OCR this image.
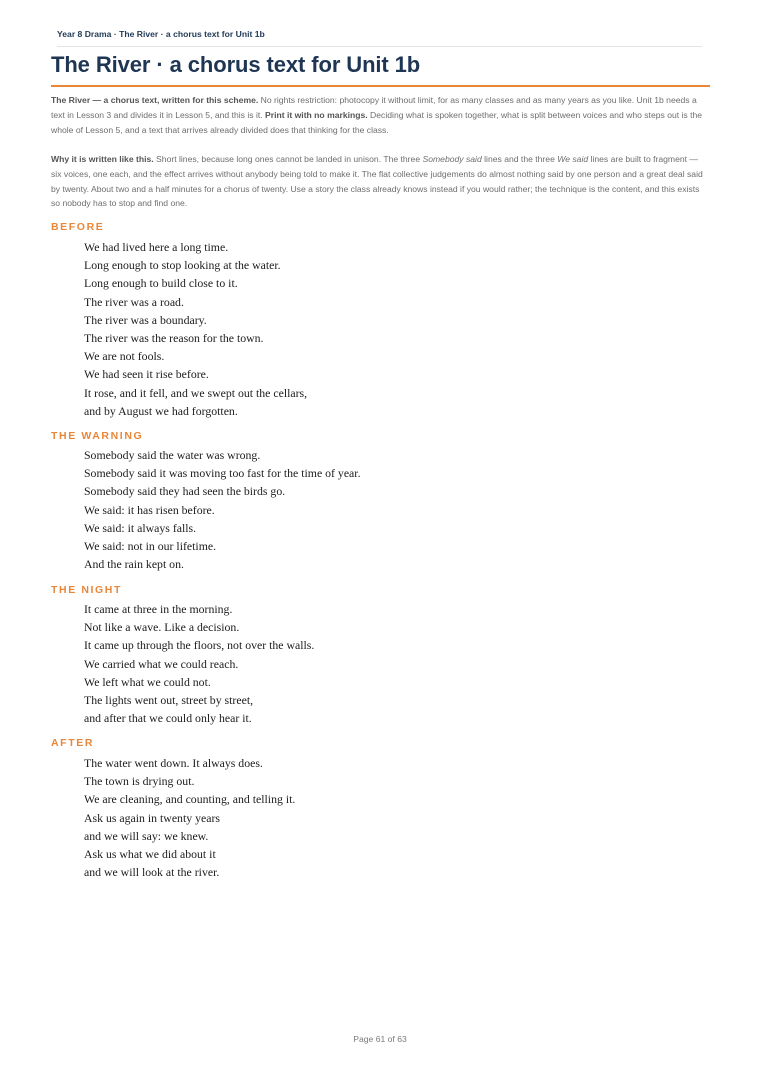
Year 8 Drama · The River · a chorus text for Unit 1b
The River · a chorus text for Unit 1b

The River — a chorus text, written for this scheme. No rights restriction: photocopy it without limit, for as many classes and as many years as you like. Unit 1b needs a text in Lesson 3 and divides it in Lesson 5, and this is it. Print it with no markings. Deciding what is spoken together, what is split between voices and who steps out is the whole of Lesson 5, and a text that arrives already divided does that thinking for the class.

Why it is written like this. Short lines, because long ones cannot be landed in unison. The three Somebody said lines and the three We said lines are built to fragment — six voices, one each, and the effect arrives without anybody being told to make it. The flat collective judgements do almost nothing said by one person and a great deal said by twenty. About two and a half minutes for a chorus of twenty. Use a story the class already knows instead if you would rather; the technique is the content, and this exists so nobody has to stop and find one.

BEFORE
We had lived here a long time.
Long enough to stop looking at the water.
Long enough to build close to it.
The river was a road.
The river was a boundary.
The river was the reason for the town.
We are not fools.
We had seen it rise before.
It rose, and it fell, and we swept out the cellars,
and by August we had forgotten.
THE WARNING
Somebody said the water was wrong.
Somebody said it was moving too fast for the time of year.
Somebody said they had seen the birds go.
We said: it has risen before.
We said: it always falls.
We said: not in our lifetime.
And the rain kept on.
THE NIGHT
It came at three in the morning.
Not like a wave. Like a decision.
It came up through the floors, not over the walls.
We carried what we could reach.
We left what we could not.
The lights went out, street by street,
and after that we could only hear it.
AFTER
The water went down. It always does.
The town is drying out.
We are cleaning, and counting, and telling it.
Ask us again in twenty years
and we will say: we knew.
Ask us what we did about it
and we will look at the river.
Page 61 of 63
